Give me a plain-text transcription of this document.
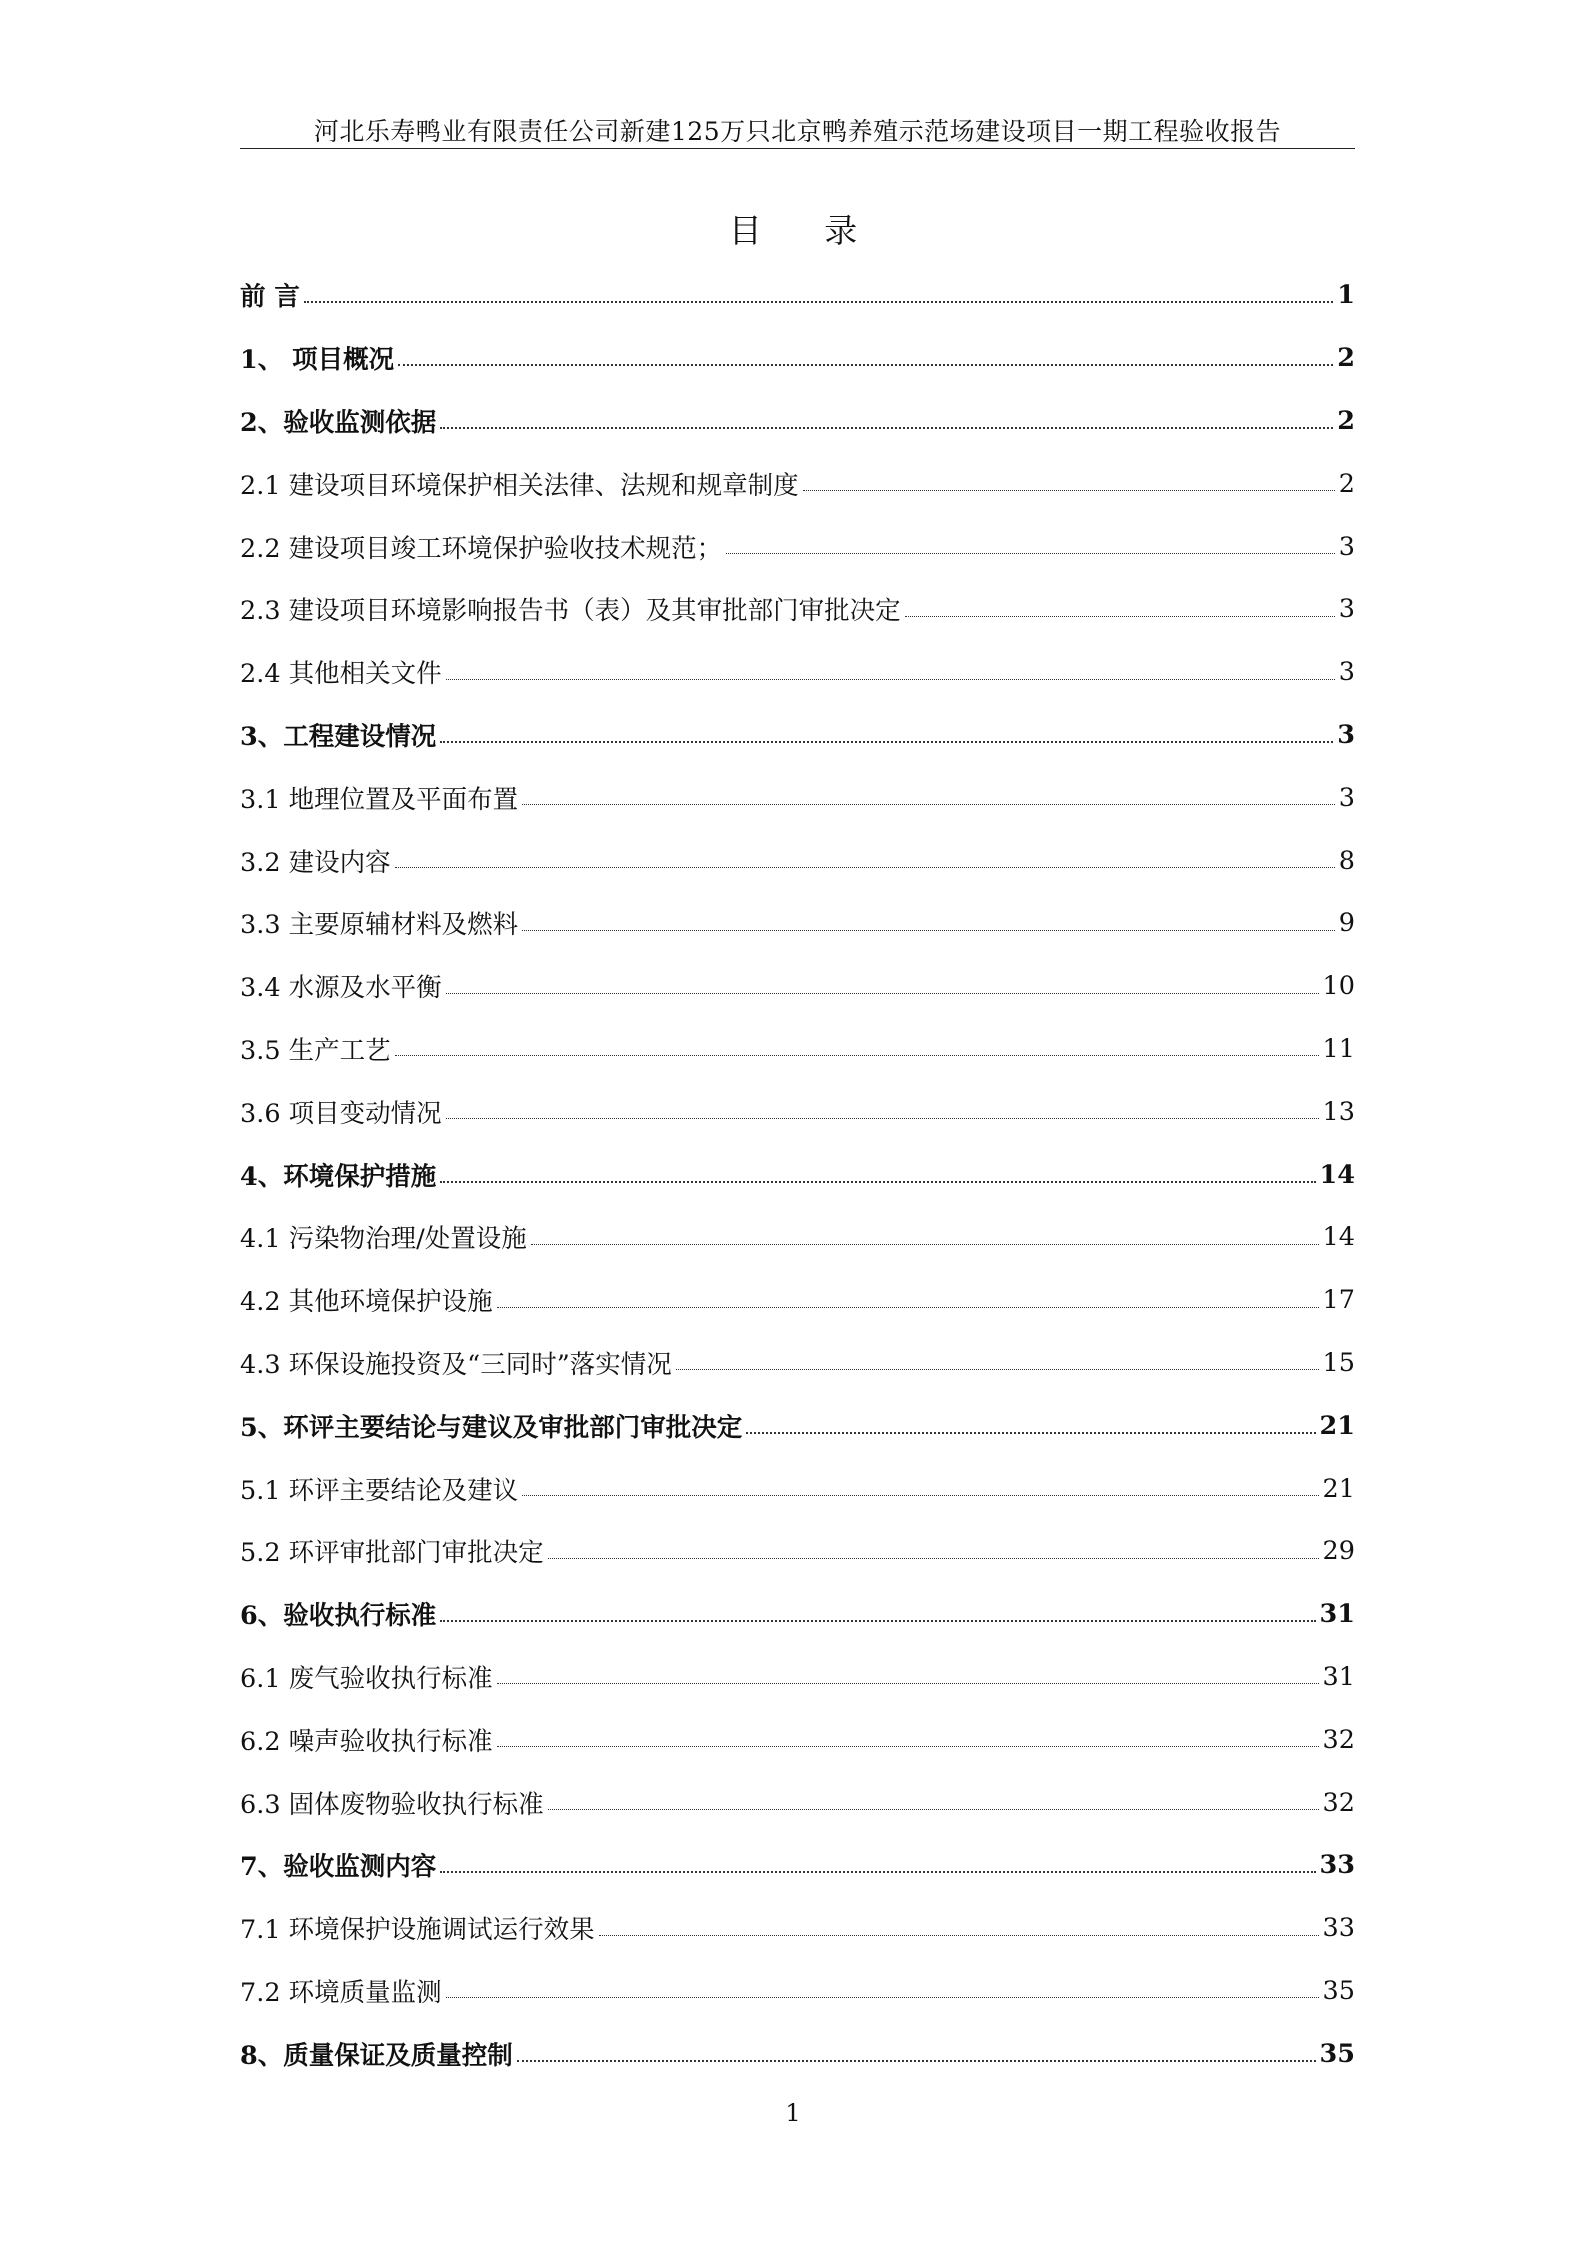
河北乐寿鸭业有限责任公司新建125万只北京鸭养殖示范场建设项目一期工程验收报告
目 录
前 言	1
1、 项目概况	2
2、验收监测依据	2
2.1 建设项目环境保护相关法律、法规和规章制度	2
2.2 建设项目竣工环境保护验收技术规范；	3
2.3 建设项目环境影响报告书（表）及其审批部门审批决定	3
2.4 其他相关文件	3
3、工程建设情况	3
3.1 地理位置及平面布置	3
3.2 建设内容	8
3.3 主要原辅材料及燃料	9
3.4 水源及水平衡	10
3.5 生产工艺	11
3.6 项目变动情况	13
4、环境保护措施	14
4.1 污染物治理/处置设施	14
4.2 其他环境保护设施	17
4.3 环保设施投资及“三同时”落实情况	15
5、环评主要结论与建议及审批部门审批决定	21
5.1 环评主要结论及建议	21
5.2 环评审批部门审批决定	29
6、验收执行标准	31
6.1 废气验收执行标准	31
6.2 噪声验收执行标准	32
6.3 固体废物验收执行标准	32
7、验收监测内容	33
7.1 环境保护设施调试运行效果	33
7.2 环境质量监测	35
8、质量保证及质量控制	35
1
